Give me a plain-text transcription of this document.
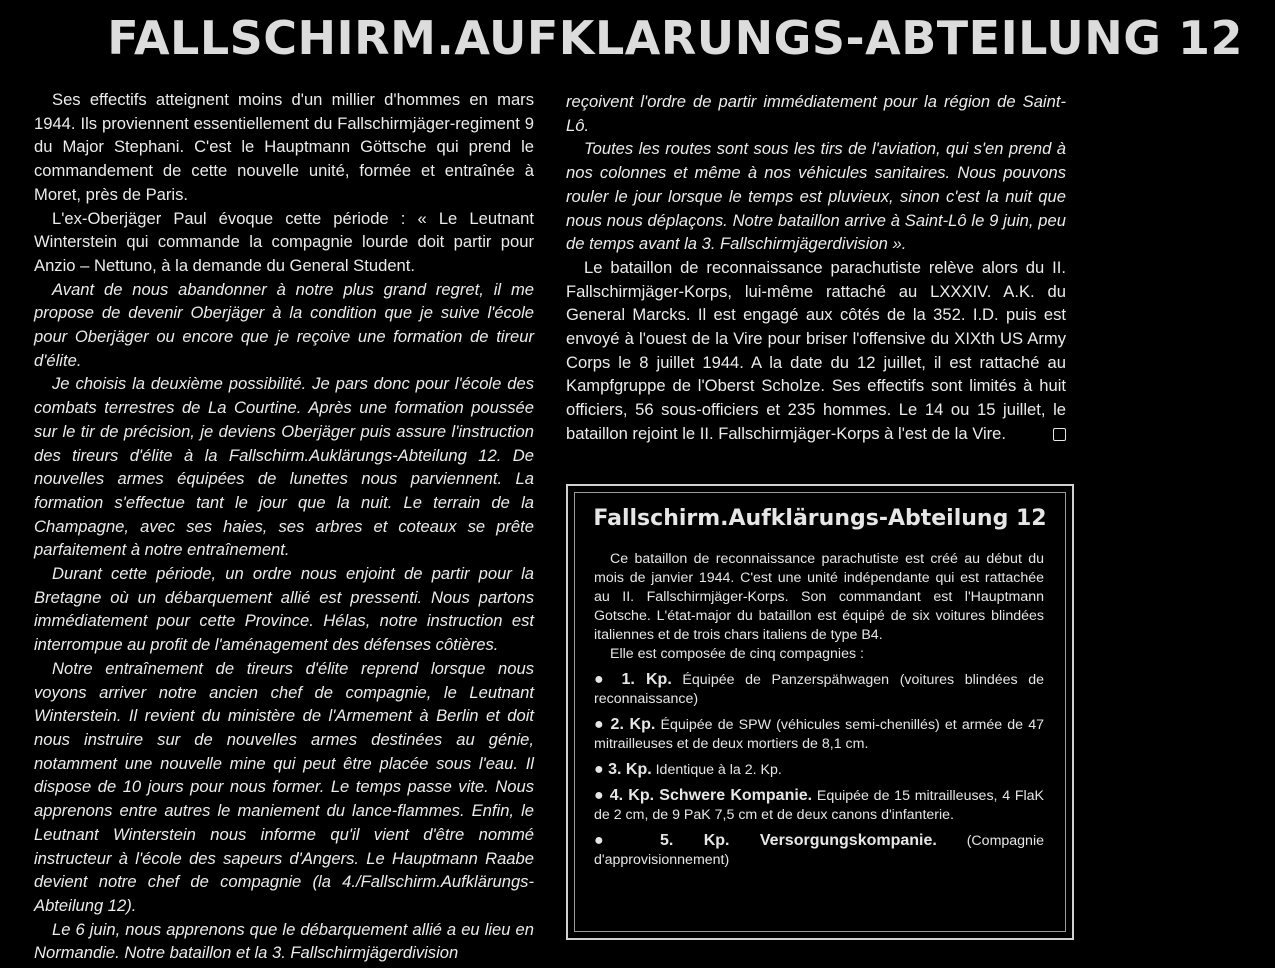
FALLSCHIRM.AUFKLARUNGS-ABTEILUNG 12

Ses effectifs atteignent moins d'un millier d'hommes en mars 1944. Ils proviennent essentiellement du Fallschirmjäger-regiment 9 du Major Stephani. C'est le Hauptmann Göttsche qui prend le commandement de cette nouvelle unité, formée et entraînée à Moret, près de Paris.

L'ex-Oberjäger Paul évoque cette période : « Le Leutnant Winterstein qui commande la compagnie lourde doit partir pour Anzio – Nettuno, à la demande du General Student.

Avant de nous abandonner à notre plus grand regret, il me propose de devenir Oberjäger à la condition que je suive l'école pour Oberjäger ou encore que je reçoive une formation de tireur d'élite.

Je choisis la deuxième possibilité. Je pars donc pour l'école des combats terrestres de La Courtine. Après une formation poussée sur le tir de précision, je deviens Oberjäger puis assure l'instruction des tireurs d'élite à la Fallschirm.Auklärungs-Abteilung 12. De nouvelles armes équipées de lunettes nous parviennent. La formation s'effectue tant le jour que la nuit. Le terrain de la Champagne, avec ses haies, ses arbres et coteaux se prête parfaitement à notre entraînement.

Durant cette période, un ordre nous enjoint de partir pour la Bretagne où un débarquement allié est pressenti. Nous partons immédiatement pour cette Province. Hélas, notre instruction est interrompue au profit de l'aménagement des défenses côtières.

Notre entraînement de tireurs d'élite reprend lorsque nous voyons arriver notre ancien chef de compagnie, le Leutnant Winterstein. Il revient du ministère de l'Armement à Berlin et doit nous instruire sur de nouvelles armes destinées au génie, notamment une nouvelle mine qui peut être placée sous l'eau. Il dispose de 10 jours pour nous former. Le temps passe vite. Nous apprenons entre autres le maniement du lance-flammes. Enfin, le Leutnant Winterstein nous informe qu'il vient d'être nommé instructeur à l'école des sapeurs d'Angers. Le Hauptmann Raabe devient notre chef de compagnie (la 4./Fallschirm.Aufklärungs-Abteilung 12).

Le 6 juin, nous apprenons que le débarquement allié a eu lieu en Normandie. Notre bataillon et la 3. Fallschirmjägerdivision

reçoivent l'ordre de partir immédiatement pour la région de Saint-Lô.

Toutes les routes sont sous les tirs de l'aviation, qui s'en prend à nos colonnes et même à nos véhicules sanitaires. Nous pouvons rouler le jour lorsque le temps est pluvieux, sinon c'est la nuit que nous nous déplaçons. Notre bataillon arrive à Saint-Lô le 9 juin, peu de temps avant la 3. Fallschirmjägerdivision ».

Le bataillon de reconnaissance parachutiste relève alors du II. Fallschirmjäger-Korps, lui-même rattaché au LXXXIV. A.K. du General Marcks. Il est engagé aux côtés de la 352. I.D. puis est envoyé à l'ouest de la Vire pour briser l'offensive du XIXth US Army Corps le 8 juillet 1944. A la date du 12 juillet, il est rattaché au Kampfgruppe de l'Oberst Scholze. Ses effectifs sont limités à huit officiers, 56 sous-officiers et 235 hommes. Le 14 ou 15 juillet, le bataillon rejoint le II. Fallschirmjäger-Korps à l'est de la Vire.

Fallschirm.Aufklärungs-Abteilung 12

Ce bataillon de reconnaissance parachutiste est créé au début du mois de janvier 1944. C'est une unité indépendante qui est rattachée au II. Fallschirmjäger-Korps. Son commandant est l'Hauptmann Gotsche. L'état-major du bataillon est équipé de six voitures blindées italiennes et de trois chars italiens de type B4.

Elle est composée de cinq compagnies :

● 1. Kp. Équipée de Panzerspähwagen (voitures blindées de reconnaissance)
● 2. Kp. Équipée de SPW (véhicules semi-chenillés) et armée de 47 mitrailleuses et de deux mortiers de 8,1 cm.
● 3. Kp. Identique à la 2. Kp.
● 4. Kp. Schwere Kompanie. Equipée de 15 mitrailleuses, 4 FlaK de 2 cm, de 9 PaK 7,5 cm et de deux canons d'infanterie.
● 5. Kp. Versorgungskompanie. (Compagnie d'approvisionnement)
